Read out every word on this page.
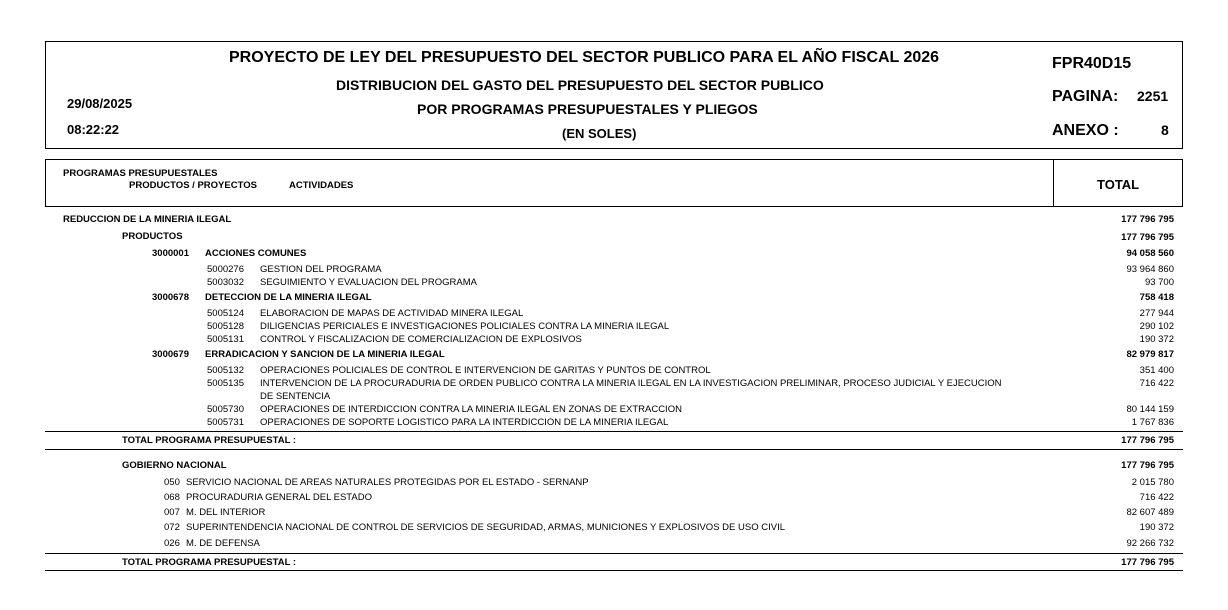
PROYECTO DE LEY DEL PRESUPUESTO DEL SECTOR PUBLICO PARA EL AÑO FISCAL 2026
DISTRIBUCION DEL GASTO DEL PRESUPUESTO DEL SECTOR PUBLICO
POR PROGRAMAS PRESUPUESTALES Y PLIEGOS
(EN SOLES)
29/08/2025
08:22:22
FPR40D15
PAGINA: 2251
ANEXO :	8
PROGRAMAS PRESUPUESTALES
PRODUCTOS / PROYECTOS	ACTIVIDADES	TOTAL
REDUCCION DE LA MINERIA ILEGAL	177 796 795
PRODUCTOS	177 796 795
3000001 ACCIONES COMUNES	94 058 560
5000276 GESTION DEL PROGRAMA	93 964 860
5003032 SEGUIMIENTO Y EVALUACION DEL PROGRAMA	93 700
3000678 DETECCION DE LA MINERIA ILEGAL	758 418
5005124 ELABORACION DE MAPAS DE ACTIVIDAD MINERA ILEGAL	277 944
5005128 DILIGENCIAS PERICIALES E INVESTIGACIONES POLICIALES CONTRA LA MINERIA ILEGAL	290 102
5005131 CONTROL Y FISCALIZACION DE COMERCIALIZACION DE EXPLOSIVOS	190 372
3000679 ERRADICACION Y SANCION DE LA MINERIA ILEGAL	82 979 817
5005132 OPERACIONES POLICIALES DE CONTROL E INTERVENCION DE GARITAS Y PUNTOS DE CONTROL	351 400
5005135 INTERVENCION DE LA PROCURADURIA DE ORDEN PUBLICO CONTRA LA MINERIA ILEGAL EN LA INVESTIGACION PRELIMINAR, PROCESO JUDICIAL Y EJECUCION	716 422
DE SENTENCIA
5005730 OPERACIONES DE INTERDICCION CONTRA LA MINERIA ILEGAL EN ZONAS DE EXTRACCION	80 144 159
5005731 OPERACIONES DE SOPORTE LOGISTICO PARA LA INTERDICCION DE LA MINERIA ILEGAL	1 767 836
TOTAL PROGRAMA PRESUPUESTAL :	177 796 795
GOBIERNO NACIONAL	177 796 795
050 SERVICIO NACIONAL DE AREAS NATURALES PROTEGIDAS POR EL ESTADO - SERNANP	2 015 780
068 PROCURADURIA GENERAL DEL ESTADO	716 422
007 M. DEL INTERIOR	82 607 489
072 SUPERINTENDENCIA NACIONAL DE CONTROL DE SERVICIOS DE SEGURIDAD, ARMAS, MUNICIONES Y EXPLOSIVOS DE USO CIVIL	190 372
026 M. DE DEFENSA	92 266 732
TOTAL PROGRAMA PRESUPUESTAL :	177 796 795
